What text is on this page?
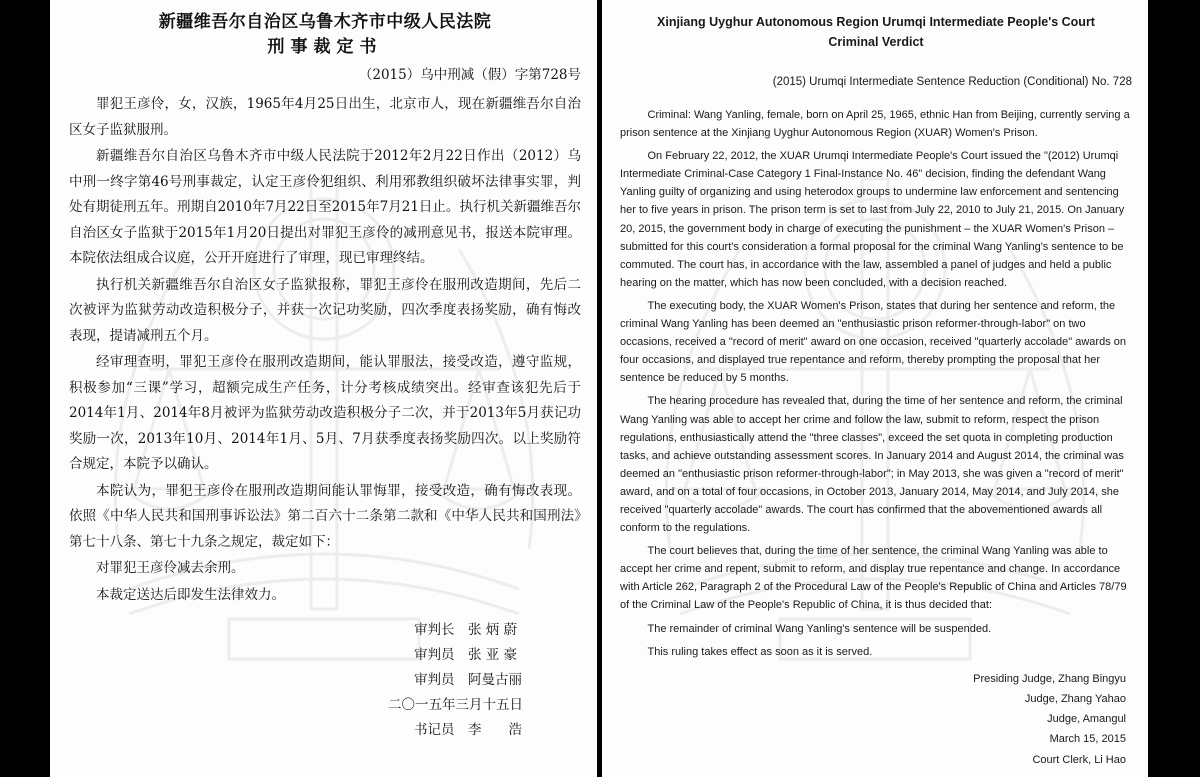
新疆维吾尔自治区乌鲁木齐市中级人民法院

刑事裁定书

（2015）乌中刑减（假）字第728号

罪犯王彦伶，女，汉族，1965年4月25日出生，北京市人，现在新疆维吾尔自治区女子监狱服刑。

新疆维吾尔自治区乌鲁木齐市中级人民法院于2012年2月22日作出（2012）乌中刑一终字第46号刑事裁定，认定王彦伶犯组织、利用邪教组织破坏法律事实罪，判处有期徒刑五年。刑期自2010年7月22日至2015年7月21日止。执行机关新疆维吾尔自治区女子监狱于2015年1月20日提出对罪犯王彦伶的减刑意见书，报送本院审理。本院依法组成合议庭，公开开庭进行了审理，现已审理终结。

执行机关新疆维吾尔自治区女子监狱报称，罪犯王彦伶在服刑改造期间，先后二次被评为监狱劳动改造积极分子，并获一次记功奖励，四次季度表扬奖励，确有悔改表现，提请减刑五个月。

经审理查明，罪犯王彦伶在服刑改造期间，能认罪服法，接受改造，遵守监规，积极参加“三课”学习，超额完成生产任务，计分考核成绩突出。经审查该犯先后于2014年1月、2014年8月被评为监狱劳动改造积极分子二次，并于2013年5月获记功奖励一次，2013年10月、2014年1月、5月、7月获季度表扬奖励四次。以上奖励符合规定，本院予以确认。

本院认为，罪犯王彦伶在服刑改造期间能认罪悔罪，接受改造，确有悔改表现。依照《中华人民共和国刑事诉讼法》第二百六十二条第二款和《中华人民共和国刑法》第七十八条、第七十九条之规定，裁定如下：

对罪犯王彦伶减去余刑。

本裁定送达后即发生法律效力。

审判长　张 炳 蔚
审判员　张 亚 豪
审判员　阿曼古丽
二〇一五年三月十五日
书记员　李　　浩

Xinjiang Uyghur Autonomous Region Urumqi Intermediate People's Court

Criminal Verdict

(2015) Urumqi Intermediate Sentence Reduction (Conditional) No. 728

Criminal: Wang Yanling, female, born on April 25, 1965, ethnic Han from Beijing, currently serving a prison sentence at the Xinjiang Uyghur Autonomous Region (XUAR) Women's Prison.

On February 22, 2012, the XUAR Urumqi Intermediate People's Court issued the "(2012) Urumqi Intermediate Criminal-Case Category 1 Final-Instance No. 46" decision, finding the defendant Wang Yanling guilty of organizing and using heterodox groups to undermine law enforcement and sentencing her to five years in prison. The prison term is set to last from July 22, 2010 to July 21, 2015. On January 20, 2015, the government body in charge of executing the punishment – the XUAR Women's Prison – submitted for this court's consideration a formal proposal for the criminal Wang Yanling's sentence to be commuted. The court has, in accordance with the law, assembled a panel of judges and held a public hearing on the matter, which has now been concluded, with a decision reached.

The executing body, the XUAR Women's Prison, states that during her sentence and reform, the criminal Wang Yanling has been deemed an "enthusiastic prison reformer-through-labor" on two occasions, received a "record of merit" award on one occasion, received "quarterly accolade" awards on four occasions, and displayed true repentance and reform, thereby prompting the proposal that her sentence be reduced by 5 months.

The hearing procedure has revealed that, during the time of her sentence and reform, the criminal Wang Yanling was able to accept her crime and follow the law, submit to reform, respect the prison regulations, enthusiastically attend the "three classes", exceed the set quota in completing production tasks, and achieve outstanding assessment scores. In January 2014 and August 2014, the criminal was deemed an "enthusiastic prison reformer-through-labor"; in May 2013, she was given a "record of merit" award, and on a total of four occasions, in October 2013, January 2014, May 2014, and July 2014, she received "quarterly accolade" awards. The court has confirmed that the abovementioned awards all conform to the regulations.

The court believes that, during the time of her sentence, the criminal Wang Yanling was able to accept her crime and repent, submit to reform, and display true repentance and change. In accordance with Article 262, Paragraph 2 of the Procedural Law of the People's Republic of China and Articles 78/79 of the Criminal Law of the People's Republic of China, it is thus decided that:

The remainder of criminal Wang Yanling's sentence will be suspended.

This ruling takes effect as soon as it is served.

Presiding Judge, Zhang Bingyu
Judge, Zhang Yahao
Judge, Amangul
March 15, 2015
Court Clerk, Li Hao
